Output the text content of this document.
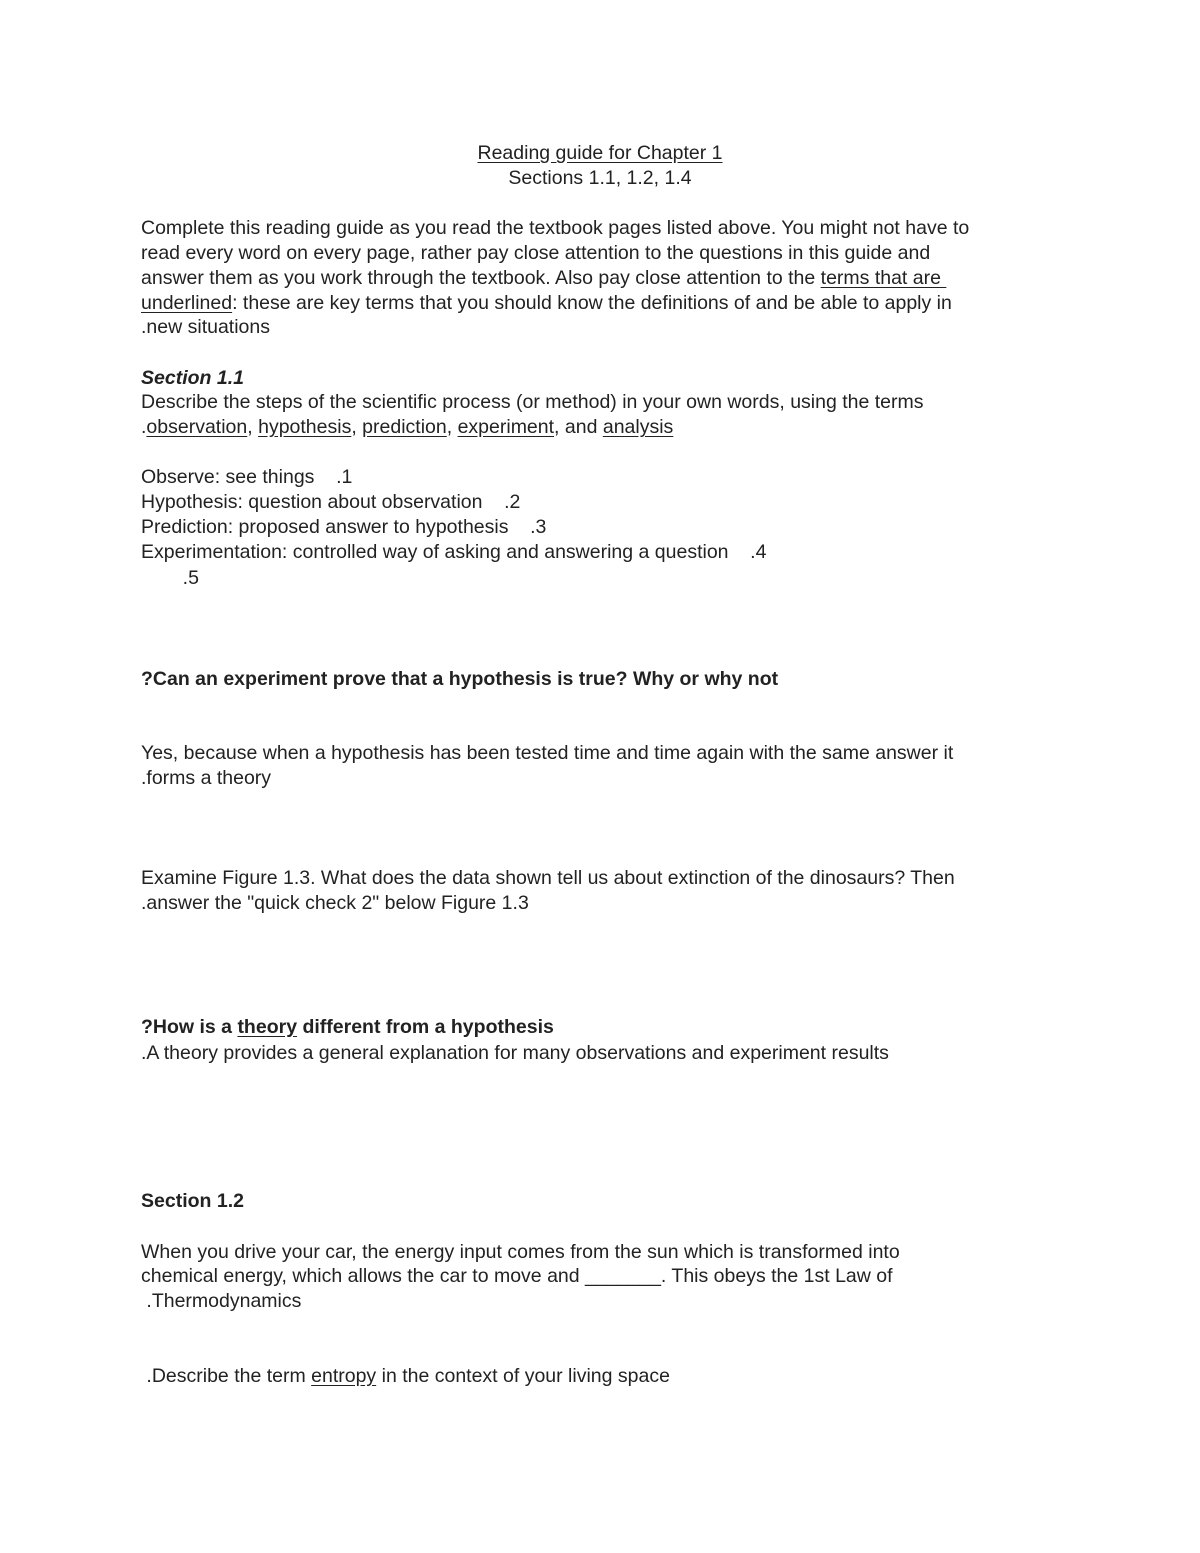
Reading guide for Chapter 1
Sections 1.1, 1.2, 1.4
Complete this reading guide as you read the textbook pages listed above. You might not have to
read every word on every page, rather pay close attention to the questions in this guide and
answer them as you work through the textbook. Also pay close attention to the terms that are
underlined: these are key terms that you should know the definitions of and be able to apply in
.new situations
Section 1.1
Describe the steps of the scientific process (or method) in your own words, using the terms
.observation, hypothesis, prediction, experiment, and analysis
Observe: see things    .1
Hypothesis: question about observation    .2
Prediction: proposed answer to hypothesis    .3
Experimentation: controlled way of asking and answering a question    .4
.5
?Can an experiment prove that a hypothesis is true? Why or why not
Yes, because when a hypothesis has been tested time and time again with the same answer it
.forms a theory
Examine Figure 1.3. What does the data shown tell us about extinction of the dinosaurs? Then
.answer the "quick check 2" below Figure 1.3
?How is a theory different from a hypothesis
.A theory provides a general explanation for many observations and experiment results
Section 1.2
When you drive your car, the energy input comes from the sun which is transformed into
chemical energy, which allows the car to move and _______. This obeys the 1st Law of
.Thermodynamics
.Describe the term entropy in the context of your living space
